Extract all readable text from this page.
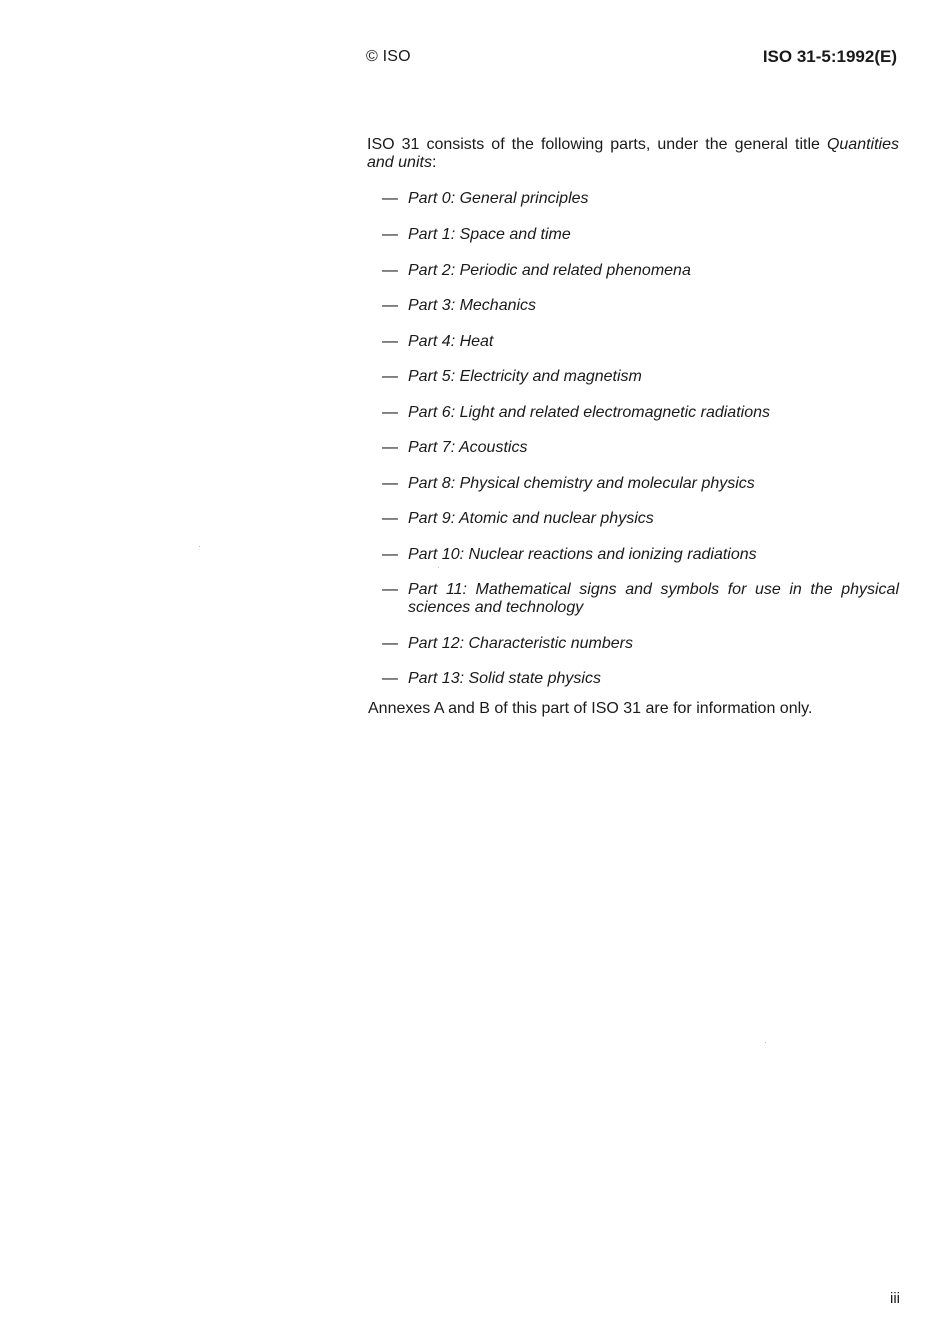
© ISO	ISO 31-5:1992(E)

ISO 31 consists of the following parts, under the general title Quantities and units:

— Part 0: General principles
— Part 1: Space and time
— Part 2: Periodic and related phenomena
— Part 3: Mechanics
— Part 4: Heat
— Part 5: Electricity and magnetism
— Part 6: Light and related electromagnetic radiations
— Part 7: Acoustics
— Part 8: Physical chemistry and molecular physics
— Part 9: Atomic and nuclear physics
— Part 10: Nuclear reactions and ionizing radiations
— Part 11: Mathematical signs and symbols for use in the physical sciences and technology
— Part 12: Characteristic numbers
— Part 13: Solid state physics
Annexes A and B of this part of ISO 31 are for information only.
iii
